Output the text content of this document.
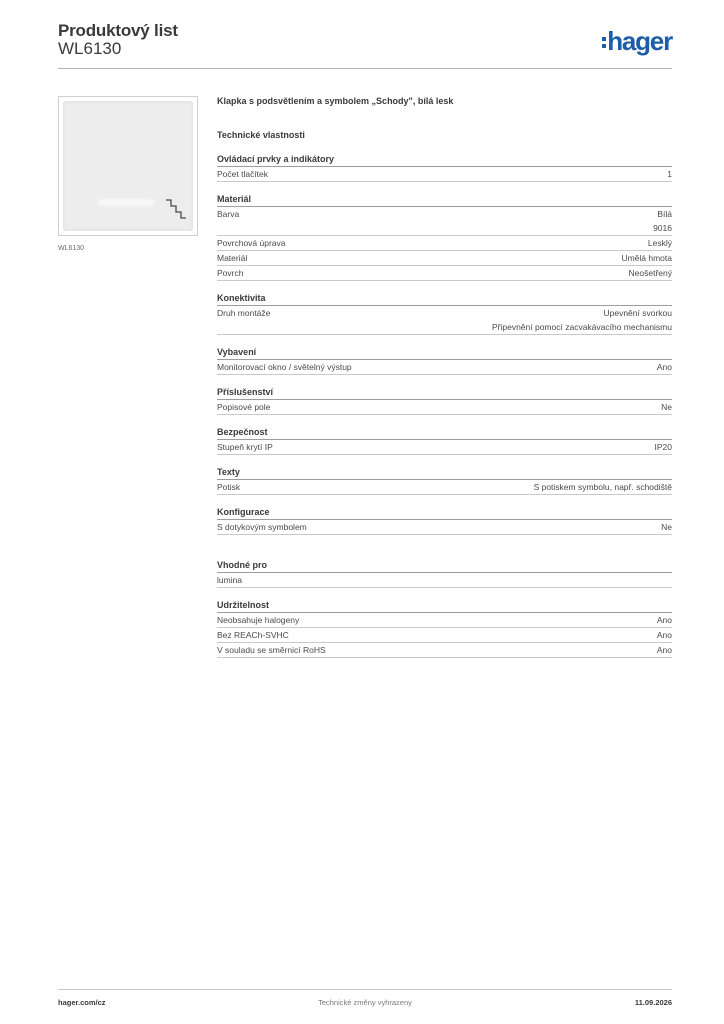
Produktový list
WL6130	hager
WL6130
Klapka s podsvětlením a symbolem „Schody", bílá lesk
Technické vlastnosti
Ovládací prvky a indikátory
Počet tlačítek	1
Materiál
Barva	Bílá
9016
Povrchová úprava	Lesklý
Materiál	Umělá hmota
Povrch	Neošetřený
Konektivita
Druh montáže	Upevnění svorkou
Připevnění pomocí zacvakávacího mechanismu
Vybavení
Monitorovací okno / světelný výstup	Ano
Příslušenství
Popisové pole	Ne
Bezpečnost
Stupeň krytí IP	IP20
Texty
Potisk	S potiskem symbolu, např. schodiště
Konfigurace
S dotykovým symbolem	Ne
Vhodné pro
lumina
Udržitelnost
Neobsahuje halogeny	Ano
Bez REACh-SVHC	Ano
V souladu se směrnicí RoHS	Ano
hager.com/cz	Technické změny vyhrazeny	11.09.2026
